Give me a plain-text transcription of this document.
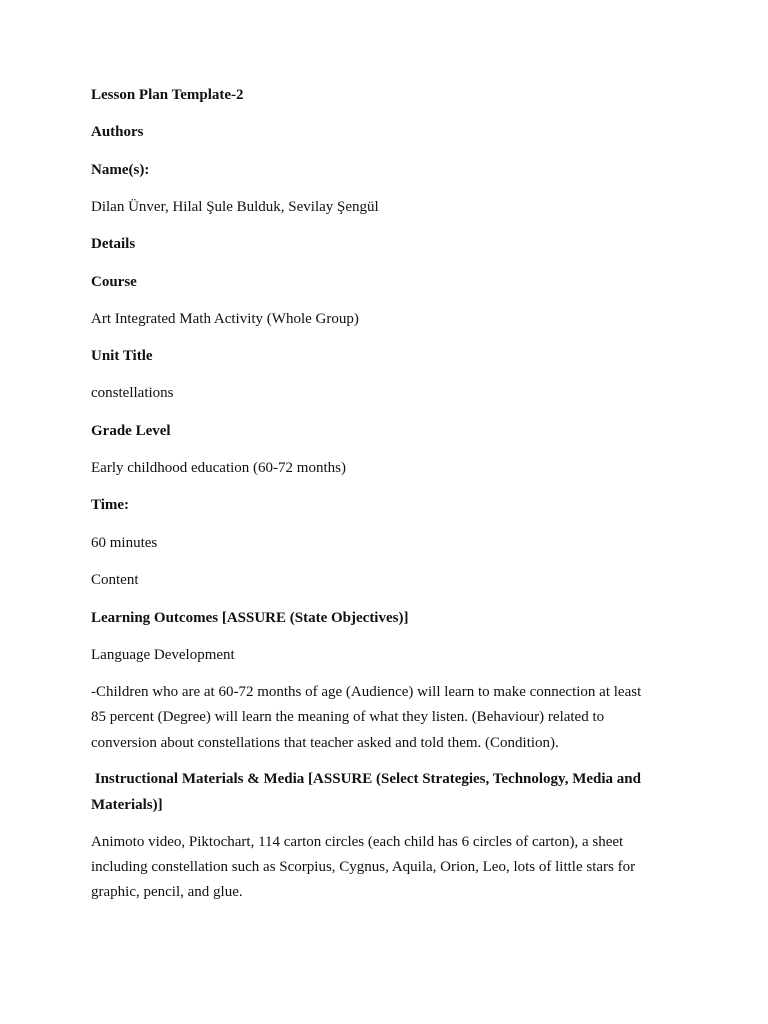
Lesson Plan Template-2

Authors

Name(s):

Dilan Ünver, Hilal Şule Bulduk, Sevilay Şengül

Details

Course

Art Integrated Math Activity (Whole Group)

Unit Title

constellations

Grade Level

Early childhood education (60-72 months)

Time:

60 minutes

Content

Learning Outcomes [ASSURE (State Objectives)]

Language Development

-Children who are at 60-72 months of age (Audience) will learn to make connection at least

85 percent (Degree) will learn the meaning of what they listen. (Behaviour) related to

conversion about constellations that teacher asked and told them. (Condition).

Instructional Materials & Media [ASSURE (Select Strategies, Technology, Media and

Materials)]

Animoto video, Piktochart, 114 carton circles (each child has 6 circles of carton), a sheet

including constellation such as Scorpius, Cygnus, Aquila, Orion, Leo, lots of little stars for

graphic, pencil, and glue.
